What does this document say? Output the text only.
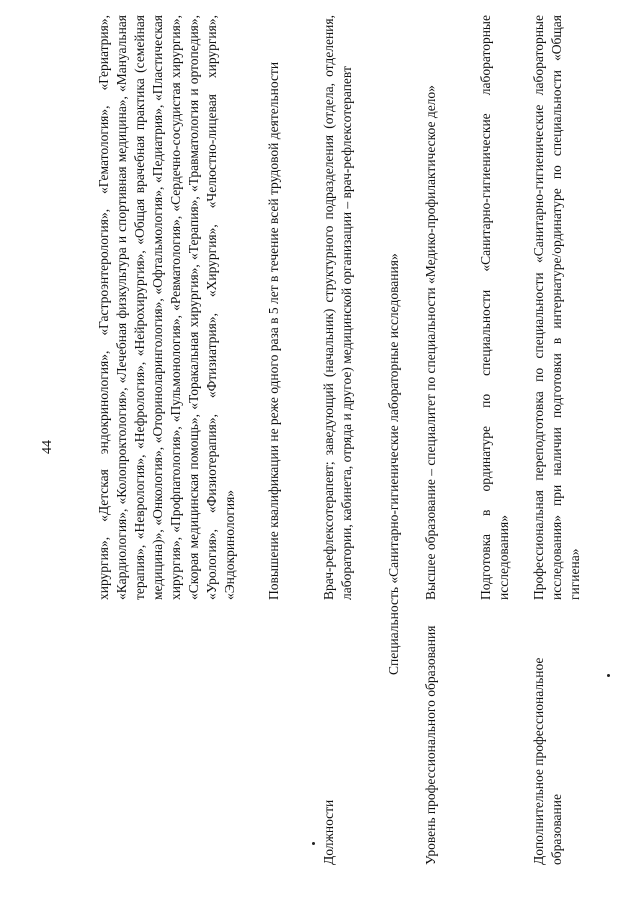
44	хирургия», «Детская эндокринология», «Гастроэнтерология», «Гематология», «Гериатрия», «Кардиология», «Колопроктология», «Лечебная физкультура и спортивная медицина», «Мануальная терапия», «Неврология», «Нефрология», «Нейрохирургия», «Общая врачебная практика (семейная медицина)», «Онкология», «Оториноларингология», «Офтальмология», «Педиатрия», «Пластическая хирургия», «Профпатология», «Пульмонология», «Ревматология», «Сердечно-сосудистая хирургия», «Скорая медицинская помощь», «Торакальная хирургия», «Терапия», «Травматология и ортопедия», «Урология», «Физиотерапия», «Фтизиатрия», «Хирургия», «Челюстно-лицевая хирургия», «Эндокринология» Повышение квалификации не реже одного раза в 5 лет в течение всей трудовой деятельности
Должности
Врач-рефлексотерапевт; заведующий (начальник) структурного подразделения (отдела, отделения, лаборатории, кабинета, отряда и другое) медицинской организации – врач-рефлексотерапевт Специальность «Санитарно-гигиенические лабораторные исследования»
Уровень профессионального образования
Высшее образование – специалитет по специальности «Медико-профилактическое дело»	Подготовка в ординатуре по специальности «Санитарно-гигиенические лабораторные исследования»
Дополнительное профессиональное образование
Профессиональная переподготовка по специальности «Санитарно-гигиенические лабораторные исследования» при наличии подготовки в интернатуре/ординатуре по специальности «Общая гигиена»
